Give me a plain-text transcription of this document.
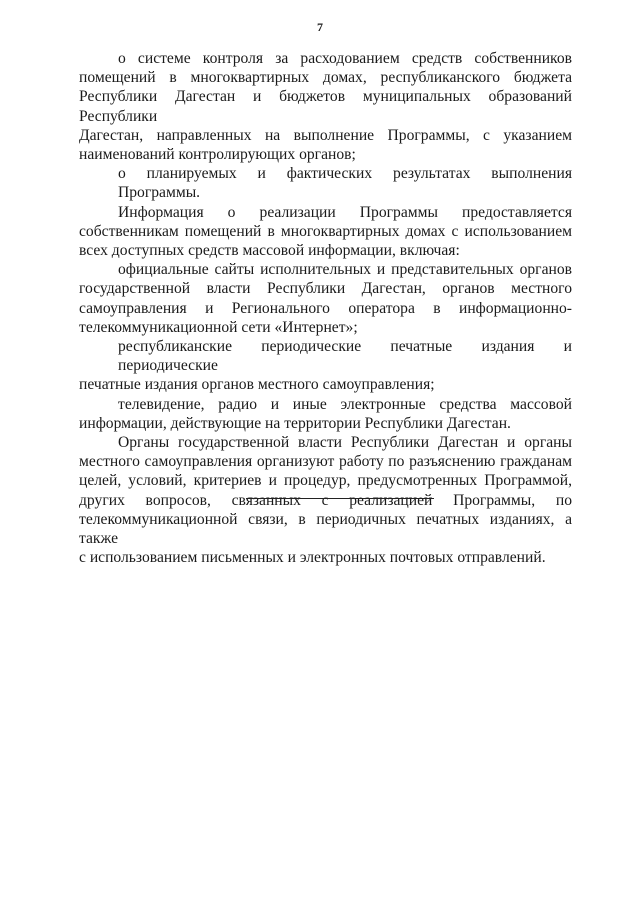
7

о системе контроля за расходованием средств собственников
помещений в многоквартирных домах, республиканского бюджета
Республики Дагестан и бюджетов муниципальных образований Республики
Дагестан, направленных на выполнение Программы, с указанием
наименований контролирующих органов;

о планируемых и фактических результатах выполнения Программы.

Информация о реализации Программы предоставляется
собственникам помещений в многоквартирных домах с использованием
всех доступных средств массовой информации, включая:

официальные сайты исполнительных и представительных органов
государственной власти Республики Дагестан, органов местного
самоуправления и Регионального оператора в информационно-
телекоммуникационной сети «Интернет»;

республиканские периодические печатные издания и периодические
печатные издания органов местного самоуправления;

телевидение, радио и иные электронные средства массовой
информации, действующие на территории Республики Дагестан.

Органы государственной власти Республики Дагестан и органы
местного самоуправления организуют работу по разъяснению гражданам
целей, условий, критериев и процедур, предусмотренных Программой,
других вопросов, связанных с реализацией Программы, по
телекоммуникационной связи, в периодичных печатных изданиях, а также
с использованием письменных и электронных почтовых отправлений.
